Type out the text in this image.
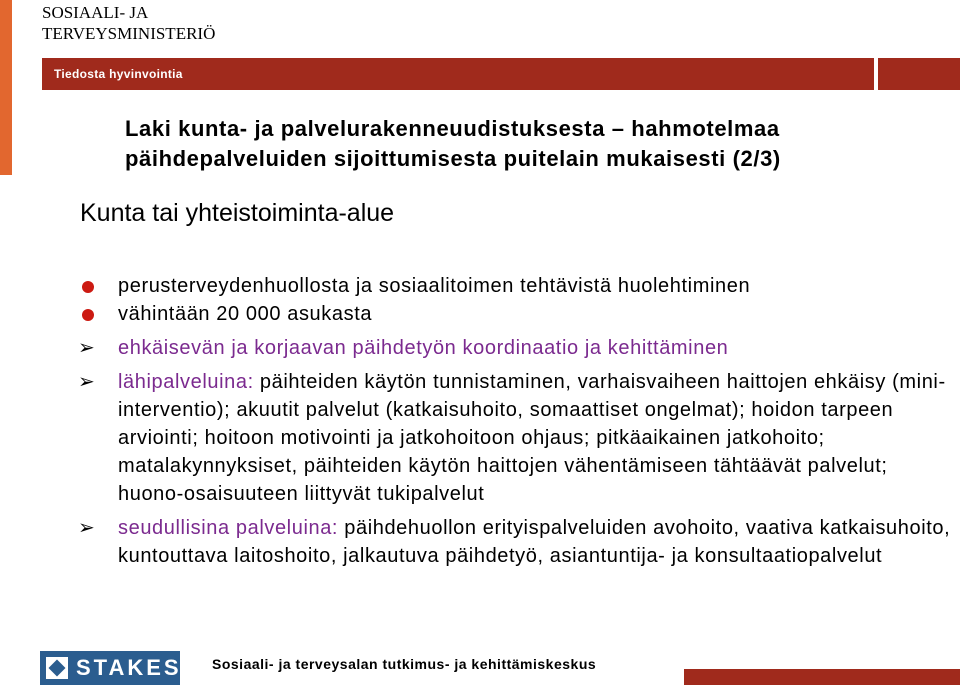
SOSIAALI- JA
TERVEYSMINISTERIÖ
Tiedosta hyvinvointia
Laki kunta- ja palvelurakenneuudistuksesta – hahmotelmaa
päihdepalveluiden sijoittumisesta puitelain mukaisesti (2/3)
Kunta tai yhteistoiminta-alue
perusterveydenhuollosta ja sosiaalitoimen tehtävistä huolehtiminen
vähintään 20 000 asukasta
➢ ehkäisevän ja korjaavan päihdetyön koordinaatio ja kehittäminen
➢ lähipalveluina: päihteiden käytön tunnistaminen, varhaisvaiheen haittojen ehkäisy (mini-interventio); akuutit palvelut (katkaisuhoito, somaattiset ongelmat); hoidon tarpeen arviointi; hoitoon motivointi ja jatkohoitoon ohjaus; pitkäaikainen jatkohoito; matalakynnyksiset, päihteiden käytön haittojen vähentämiseen tähtäävät palvelut; huono-osaisuuteen liittyvät tukipalvelut
➢ seudullisina palveluina: päihdehuollon erityispalveluiden avohoito, vaativa katkaisuhoito, kuntouttava laitoshoito, jalkautuva päihdetyö, asiantuntija- ja konsultaatiopalvelut
STAKES Sosiaali- ja terveysalan tutkimus- ja kehittämiskeskus
